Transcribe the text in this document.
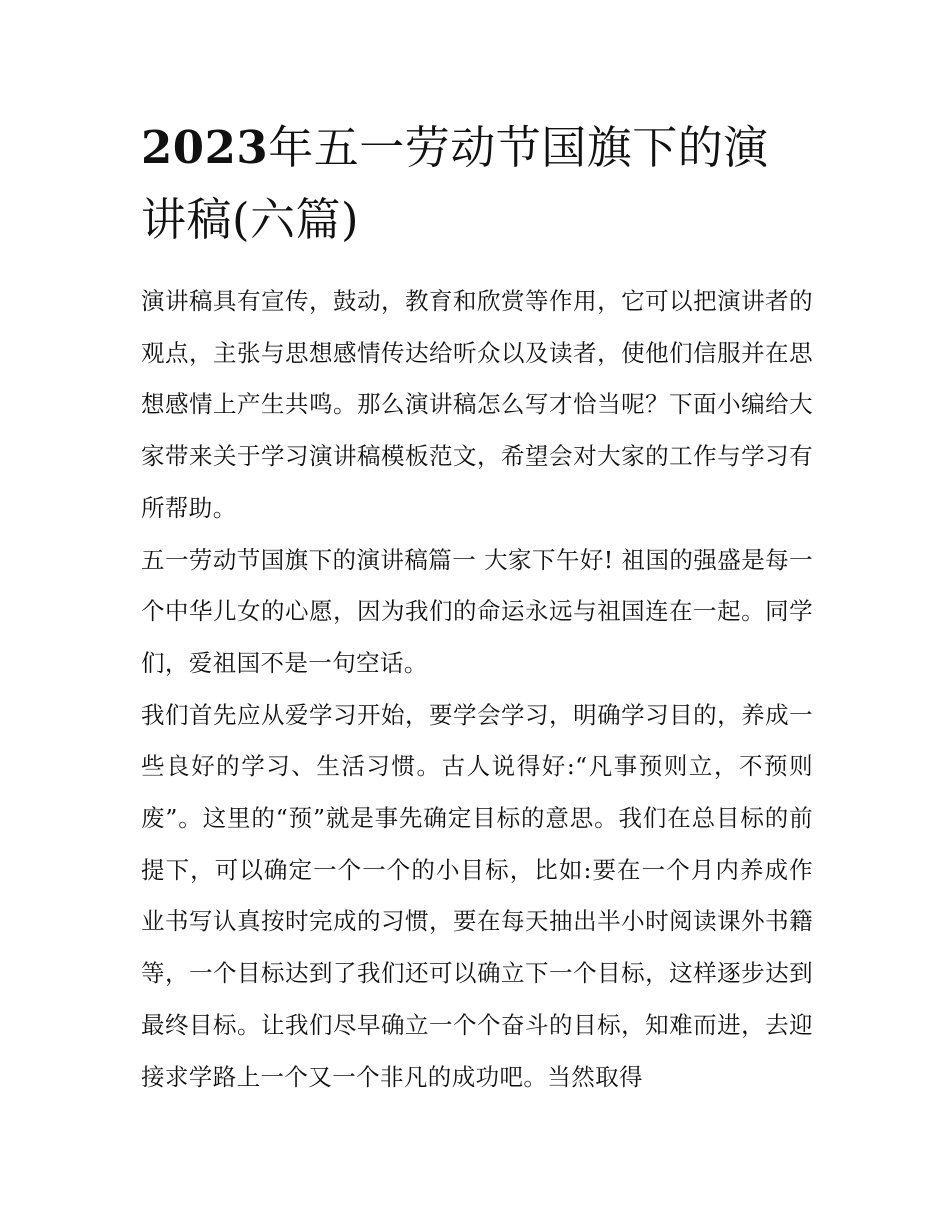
2023年五一劳动节国旗下的演讲稿(六篇)

演讲稿具有宣传，鼓动，教育和欣赏等作用，它可以把演讲者的观点，主张与思想感情传达给听众以及读者，使他们信服并在思想感情上产生共鸣。那么演讲稿怎么写才恰当呢？下面小编给大家带来关于学习演讲稿模板范文，希望会对大家的工作与学习有所帮助。

五一劳动节国旗下的演讲稿篇一 大家下午好! 祖国的强盛是每一个中华儿女的心愿，因为我们的命运永远与祖国连在一起。同学们，爱祖国不是一句空话。

我们首先应从爱学习开始，要学会学习，明确学习目的，养成一些良好的学习、生活习惯。古人说得好:“凡事预则立，不预则废”。这里的“预”就是事先确定目标的意思。我们在总目标的前提下，可以确定一个一个的小目标，比如:要在一个月内养成作业书写认真按时完成的习惯，要在每天抽出半小时阅读课外书籍等，一个目标达到了我们还可以确立下一个目标，这样逐步达到最终目标。让我们尽早确立一个个奋斗的目标，知难而进，去迎接求学路上一个又一个非凡的成功吧。当然取得
